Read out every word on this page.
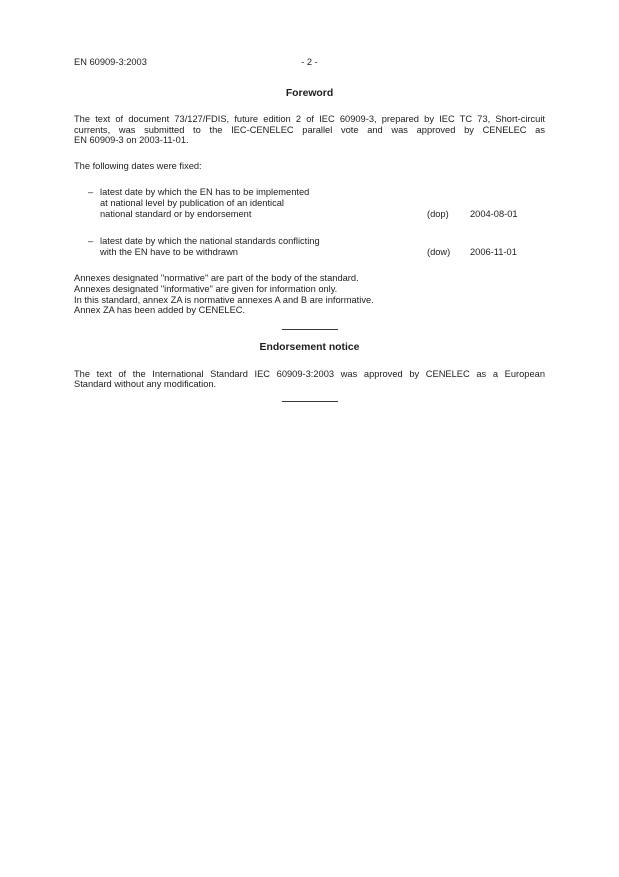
EN 60909-3:2003	- 2 -
Foreword
The text of document 73/127/FDIS, future edition 2 of IEC 60909-3, prepared by IEC TC 73, Short-circuit
currents, was submitted to the IEC-CENELEC parallel vote and was approved by CENELEC as
EN 60909-3 on 2003-11-01.
The following dates were fixed:
– latest date by which the EN has to be implemented
at national level by publication of an identical
national standard or by endorsement	(dop) 2004-08-01
– latest date by which the national standards conflicting
with the EN have to be withdrawn	(dow) 2006-11-01
Annexes designated "normative" are part of the body of the standard.
Annexes designated "informative" are given for information only.
In this standard, annex ZA is normative annexes A and B are informative.
Annex ZA has been added by CENELEC.
Endorsement notice
The text of the International Standard IEC 60909-3:2003 was approved by CENELEC as a European
Standard without any modification.
